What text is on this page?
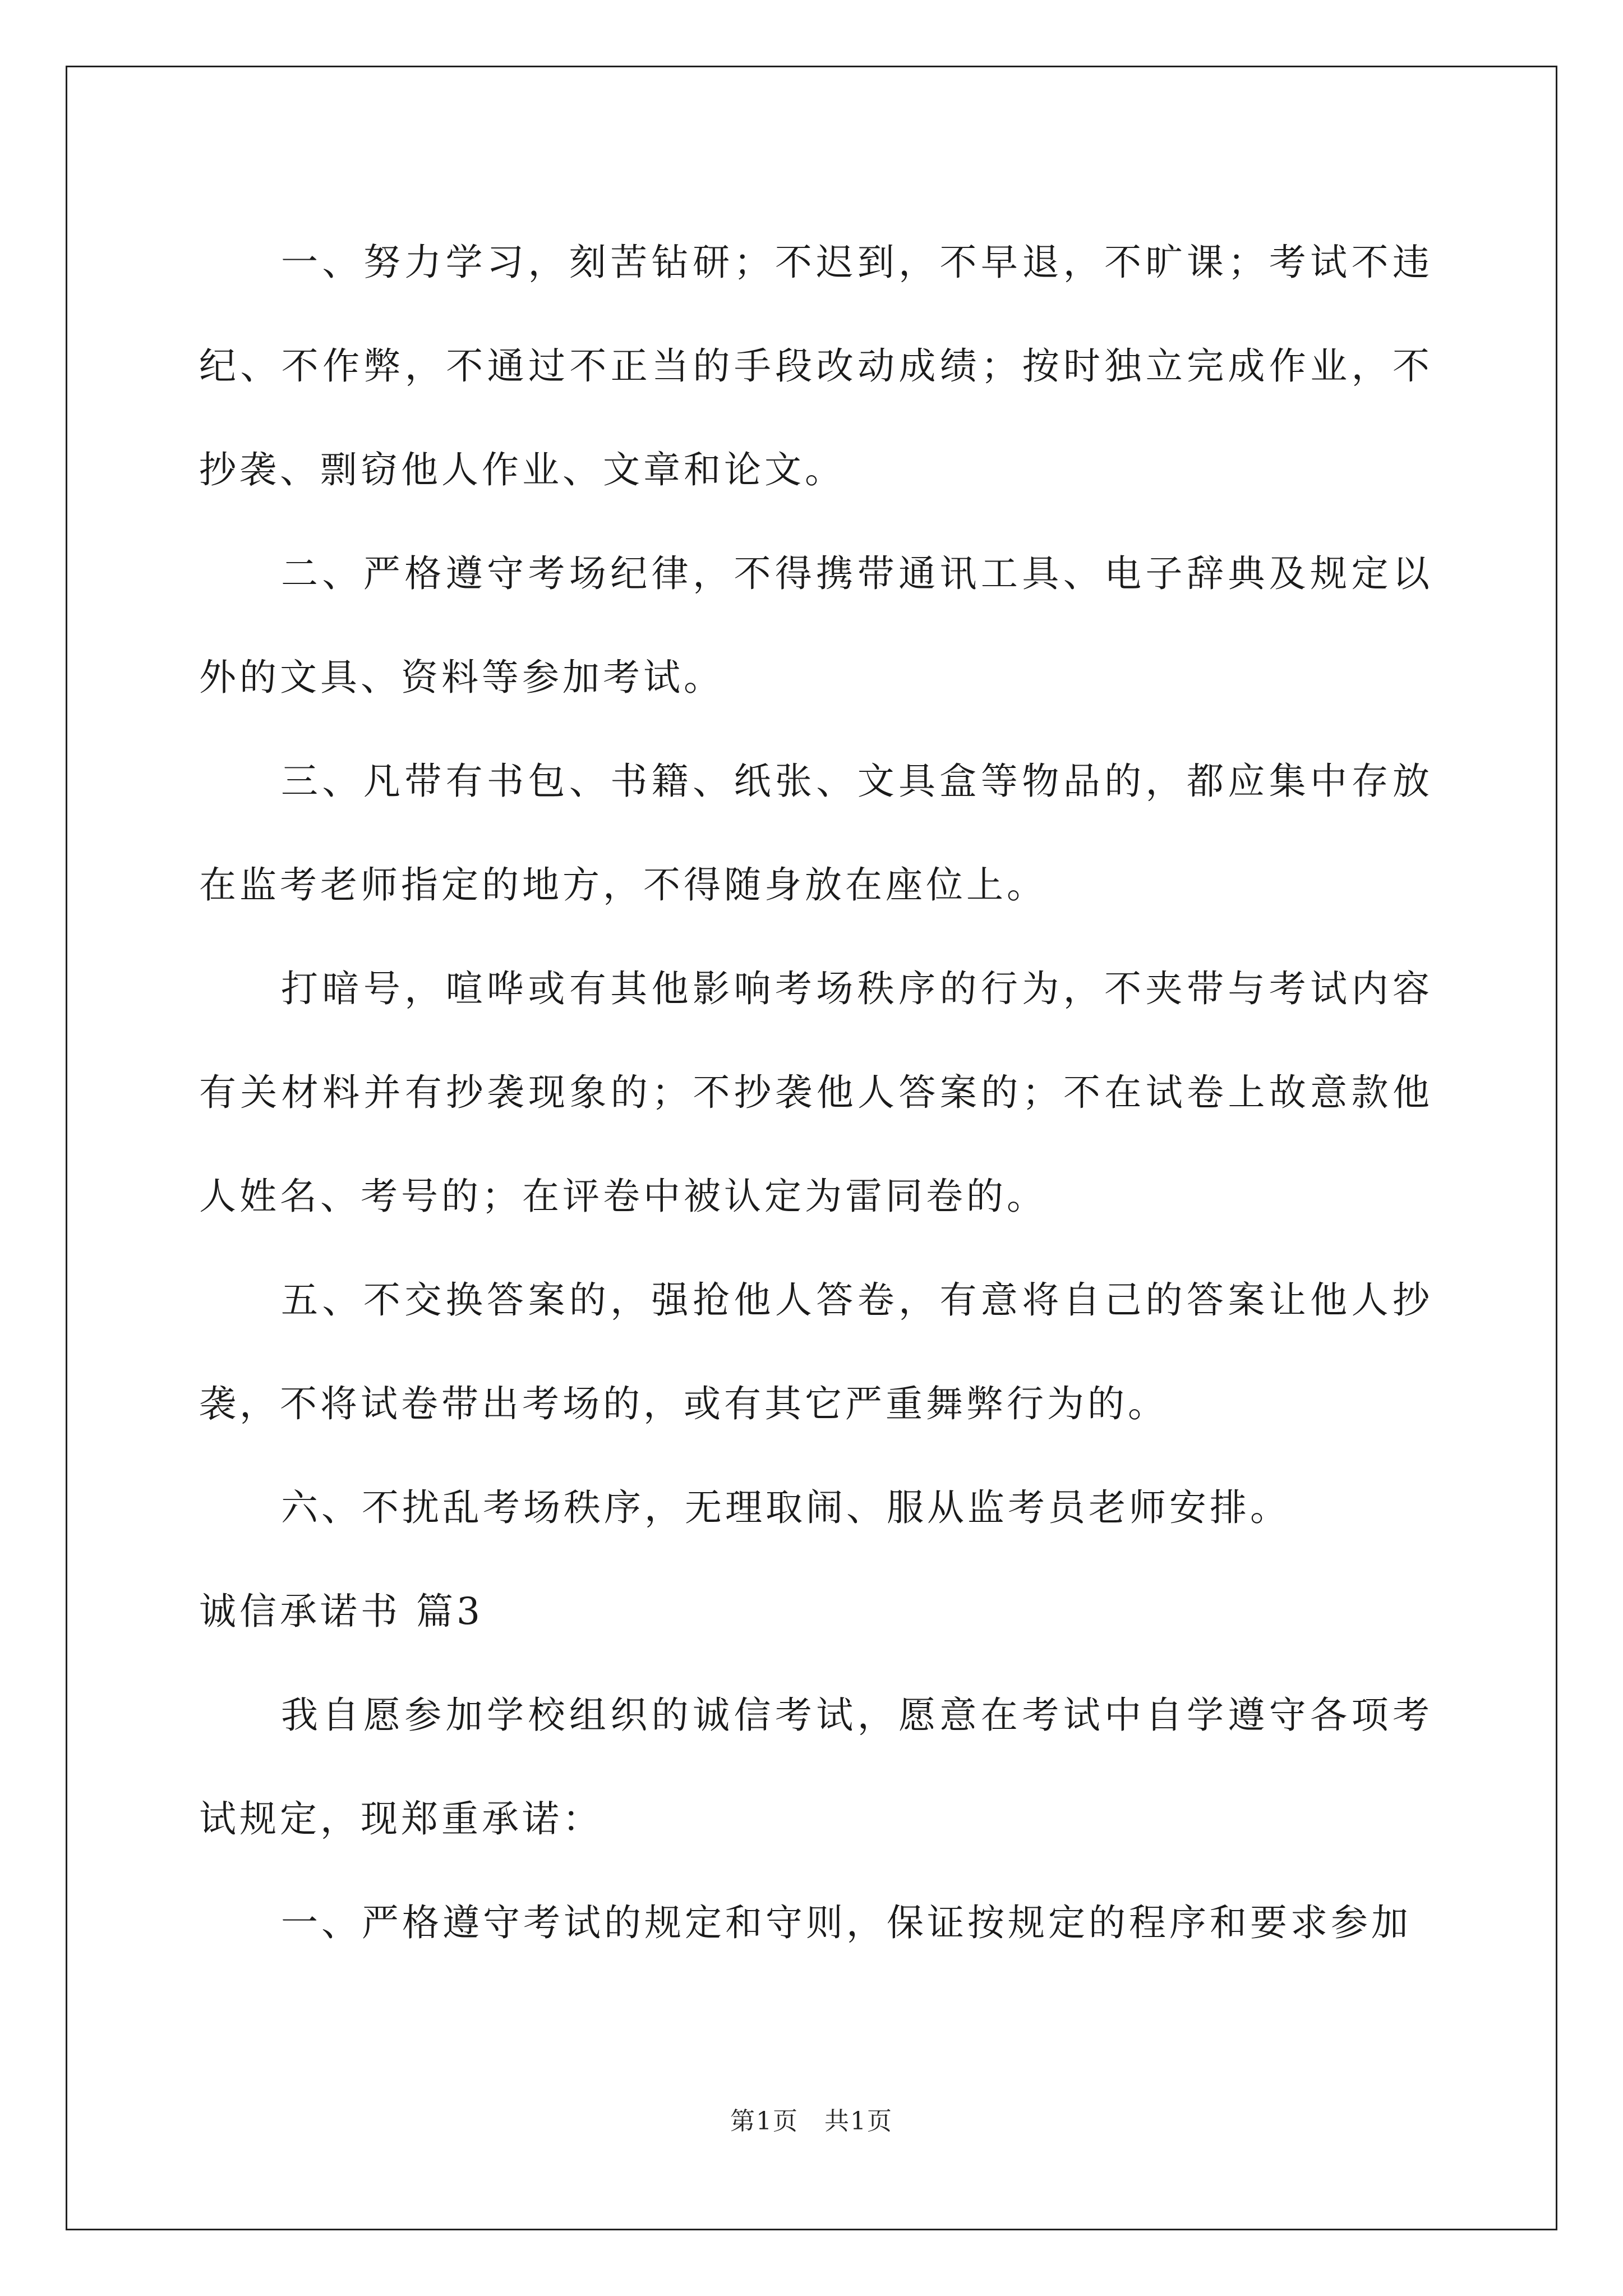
一、努力学习，刻苦钻研；不迟到，不早退，不旷课；考试不违纪、不作弊，不通过不正当的手段改动成绩；按时独立完成作业，不抄袭、剽窃他人作业、文章和论文。

二、严格遵守考场纪律，不得携带通讯工具、电子辞典及规定以外的文具、资料等参加考试。

三、凡带有书包、书籍、纸张、文具盒等物品的，都应集中存放在监考老师指定的地方，不得随身放在座位上。

打暗号，喧哗或有其他影响考场秩序的行为，不夹带与考试内容有关材料并有抄袭现象的；不抄袭他人答案的；不在试卷上故意款他人姓名、考号的；在评卷中被认定为雷同卷的。

五、不交换答案的，强抢他人答卷，有意将自己的答案让他人抄袭，不将试卷带出考场的，或有其它严重舞弊行为的。

六、不扰乱考场秩序，无理取闹、服从监考员老师安排。

诚信承诺书 篇3

我自愿参加学校组织的诚信考试，愿意在考试中自学遵守各项考试规定，现郑重承诺：

一、严格遵守考试的规定和守则，保证按规定的程序和要求参加

第1页　共1页
